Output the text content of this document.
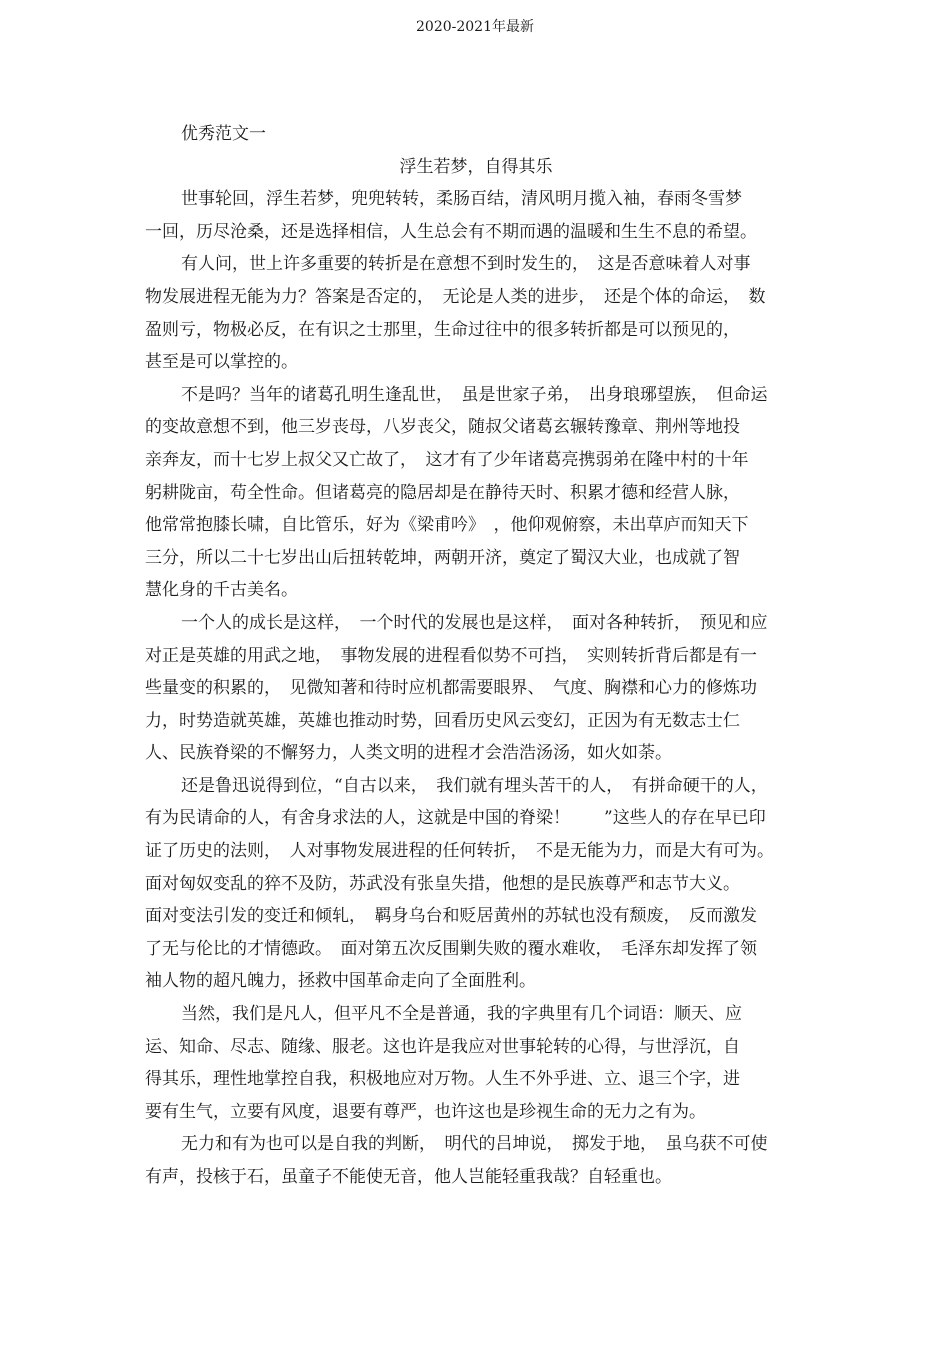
2020-2021年最新

优秀范文一

浮生若梦，自得其乐

世事轮回，浮生若梦，兜兜转转，柔肠百结，清风明月揽入袖，春雨冬雪梦
一回，历尽沧桑，还是选择相信，人生总会有不期而遇的温暖和生生不息的希望。

有人问，世上许多重要的转折是在意想不到时发生的，　这是否意味着人对事
物发展进程无能为力？答案是否定的，　无论是人类的进步，　还是个体的命运，　数
盈则亏，物极必反，在有识之士那里，生命过往中的很多转折都是可以预见的，
甚至是可以掌控的。

不是吗？当年的诸葛孔明生逢乱世，　虽是世家子弟，　出身琅琊望族，　但命运
的变故意想不到，他三岁丧母，八岁丧父，随叔父诸葛玄辗转豫章、荆州等地投
亲奔友，而十七岁上叔父又亡故了，　这才有了少年诸葛亮携弱弟在隆中村的十年
躬耕陇亩，苟全性命。但诸葛亮的隐居却是在静待天时、积累才德和经营人脉，
他常常抱膝长啸，自比管乐，好为《梁甫吟》　，他仰观俯察，未出草庐而知天下
三分，所以二十七岁出山后扭转乾坤，两朝开济，奠定了蜀汉大业，也成就了智
慧化身的千古美名。

一个人的成长是这样，　一个时代的发展也是这样，　面对各种转折，　预见和应
对正是英雄的用武之地，　事物发展的进程看似势不可挡，　实则转折背后都是有一
些量变的积累的，　见微知著和待时应机都需要眼界、　气度、胸襟和心力的修炼功
力，时势造就英雄，英雄也推动时势，回看历史风云变幻，正因为有无数志士仁
人、民族脊梁的不懈努力，人类文明的进程才会浩浩汤汤，如火如荼。

还是鲁迅说得到位，“自古以来，　我们就有埋头苦干的人，　有拼命硬干的人，
有为民请命的人，有舍身求法的人，这就是中国的脊梁！　　”这些人的存在早已印
证了历史的法则，　人对事物发展进程的任何转折，　不是无能为力，而是大有可为。
面对匈奴变乱的猝不及防，苏武没有张皇失措，他想的是民族尊严和志节大义。
面对变法引发的变迁和倾轧，　羁身乌台和贬居黄州的苏轼也没有颓废，　反而激发
了无与伦比的才情德政。　面对第五次反围剿失败的覆水难收，　毛泽东却发挥了领
袖人物的超凡魄力，拯救中国革命走向了全面胜利。

当然，我们是凡人，但平凡不全是普通，我的字典里有几个词语：顺天、应
运、知命、尽志、随缘、服老。这也许是我应对世事轮转的心得，与世浮沉，自
得其乐，理性地掌控自我，积极地应对万物。人生不外乎进、立、退三个字，进
要有生气，立要有风度，退要有尊严，也许这也是珍视生命的无力之有为。

无力和有为也可以是自我的判断，　明代的吕坤说，　掷发于地，　虽乌获不可使
有声，投核于石，虽童子不能使无音，他人岂能轻重我哉？自轻重也。
